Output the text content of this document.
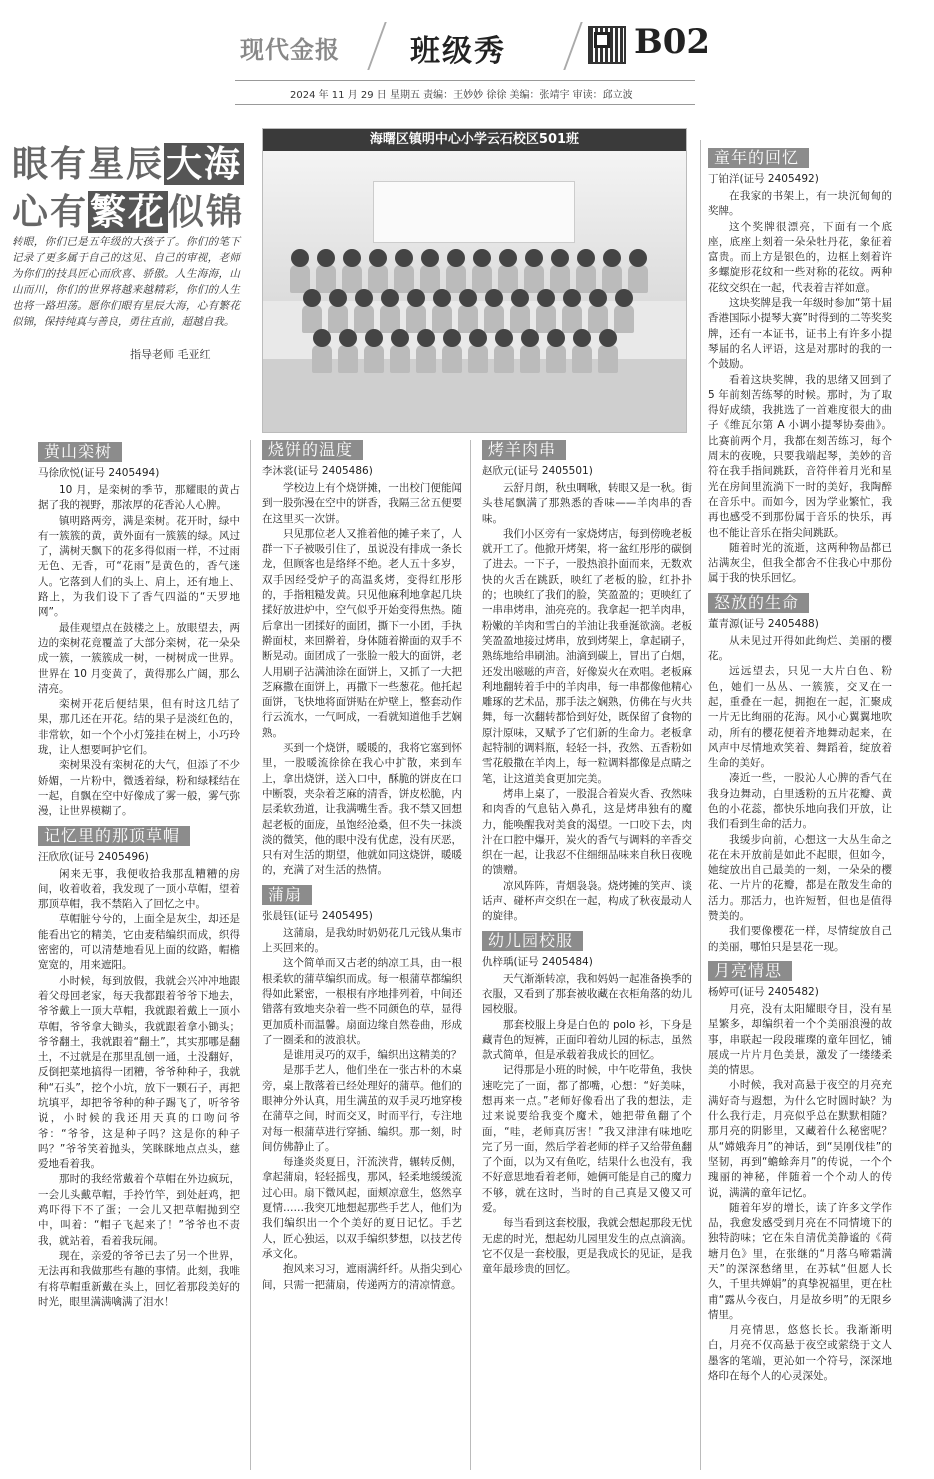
现代金报 班级秀	B02
2024 年 11 月 29 日 星期五 责编：王妙妙 徐徐 美编：张靖宇 审读：邱立波
眼有星辰大海
心有繁花似锦
转眼，你们已是五年级的大孩子了。你们的笔下记录了更多属于自己的这见、自己的审视，老师为你们的技具匠心而欣喜、骄傲。人生海海，山山而川，你们的世界将越来越精彩，你们的人生也将一路坦荡。愿你们眼有星辰大海，心有繁花似锦，保持纯真与善良，勇往直前，超越自我。
指导老师 毛亚红
海曙区镇明中心小学云石校区501班
黄山栾树
马徐欣悦(证号 2405494)

10 月，是栾树的季节，那耀眼的黄占据了我的视野，那浓厚的花香沁人心脾。

镇明路两旁，满是栾树。花开时，绿中有一簇簇的黄，黄外面有一簇簇的绿。风过了，满树天飘下的花多得似雨一样，不过雨无色、无香，可“花雨”是黄色的，香气迷人。它落到人们的头上、肩上，还有地上、路上，为我们设下了香气四溢的“天罗地网”。

最佳观望点在鼓楼之上。放眼望去，两边的栾树花竟覆盖了大部分栾树，花一朵朵成一簇，一簇簇成一树，一树树成一世界。世界在 10 月变黄了，黄得那么广阔，那么清亮。

栾树开花后便结果，但有时这几结了果，那几还在开花。结的果子是淡红色的，非常软，如一个个小灯笼挂在树上，小巧玲珑，让人想要呵护它们。

栾树果没有栾树花的大气，但添了不少娇媚，一片粉中，微透着绿，粉和绿糅结在一起，自飘在空中好像成了雾一般，雾气弥漫，让世界模糊了。

记忆里的那顶草帽
汪欣欣(证号 2405496)

闲来无事，我便收拾我那乱糟糟的房间，收着收着，我发现了一顶小草帽，望着那顶草帽，我不禁陷入了回忆之中。

草帽脏兮兮的，上面全是灰尘，却还是能看出它的精美，它由麦秸编织而成，织得密密的，可以清楚地看见上面的纹路，帽檐宽宽的，用来遮阳。

小时候，每到放假，我就会兴冲冲地跟着父母回老家，每天我都跟着爷爷下地去，爷爷戴上一顶大草帽，我就跟着戴上一顶小草帽，爷爷拿大锄头，我就跟着拿小锄头；爷爷翻土，我就跟着“翻土”，其实那哪是翻土，不过就是在那里乱刨一通，土没翻好，反倒把菜地搞得一团糟，爷爷种种子，我就种“石头”，挖个小坑，放下一颗石子，再把坑填平，却把爷爷种的种子踢飞了，听爷爷说，小时候的我还用天真的口吻问爷爷：“爷爷，这是种子吗？这是你的种子吗？”爷爷笑着抛头，笑眯眯地点点头，慈爱地看着我。

那时的我经常戴着个草帽在外边疯玩，一会儿头戴草帽，手拎竹竿，到处赶鸡，把鸡吓得下不了蛋；一会儿又把草帽抛到空中，叫着：“帽子飞起来了！”爷爷也不责我，就站着，看着我玩闹。

现在，亲爱的爷爷已去了另一个世界，无法再和我做那些有趣的事情。此刻，我唯有将草帽重新戴在头上，回忆着那段美好的时光，眼里满满噙满了泪水！

烧饼的温度
李沐裳(证号 2405486)

学校边上有个烧饼摊，一出校门便能闻到一股弥漫在空中的饼香，我隔三岔五便要在这里买一次饼。

只见那位老人又推着他的摊子来了，人群一下子被吸引住了，虽说没有排成一条长龙，但顾客也是络绎不绝。老人五十多岁，双手因经受炉子的高温炙烤，变得红彤彤的，手指粗糙发黄。只见他麻利地拿起几块揉好放进炉中，空气似乎开始变得焦热。随后拿出一团揉好的面团，撕下一小团，手执擀面杖，来回擀着，身体随着擀面的双手不断晃动。面团成了一张脸一般大的面饼，老人用刷子沾满油涂在面饼上，又抓了一大把芝麻撒在面饼上，再撒下一些葱花。他托起面饼，飞快地将面饼贴在炉壁上，整套动作行云流水，一气呵成，一看就知道他手艺娴熟。

买到一个烧饼，暖暖的，我将它塞到怀里，一股暖流徐徐在我心中扩散，来到车上，拿出烧饼，送入口中，酥脆的饼皮在口中断裂，夹杂着芝麻的清香，饼皮松脆，内层柔软劲道，让我满嘴生香。我不禁又回想起老板的面庞，虽饱经沧桑，但不失一抹淡淡的微笑，他的眼中没有优虑，没有厌恶，只有对生活的期望，他就如同这烧饼，暖暖的，充满了对生活的热情。

蒲扇
张晨钰(证号 2405495)

这蒲扇，是我幼时奶奶花几元钱从集市上买回来的。

这个简单而又古老的纳凉工具，由一根根柔软的蒲草编织而成。每一根蒲草都编织得如此紧密，一根根有序地排列着，中间还错落有致地夹杂着一些不同颜色的草，显得更加质朴而温馨。扇面边缘自然卷曲，形成了一圈柔和的波浪状。

是谁用灵巧的双手，编织出这精美的？

是那手艺人，他们坐在一张古朴的木桌旁，桌上散落着已经处理好的蒲草。他们的眼神分外认真，用生满茧的双手灵巧地穿梭在蒲草之间，时而交叉，时而平行，专注地对每一根蒲草进行穿插、编织。那一刻，时间仿佛静止了。

每逢炎炎夏日，汗流浃背，辗转反侧，拿起蒲扇，轻轻摇曳，那风，轻柔地缓缓流过心田。扇下微风起，面颊凉意生，悠然享夏情……我突兀地想起那些手艺人，他们为我们编织出一个个美好的夏日记忆。手艺人，匠心独运，以双手编织梦想，以技艺传承文化。

抱风来习习，遮雨满纤纤。从指尖到心间，只需一把蒲扇，传递两方的清凉情意。

烤羊肉串
赵欣元(证号 2405501)

云舒月朗，秋虫啁啾，转眼又是一秋。街头巷尾飘满了那熟悉的香味——羊肉串的香味。

我们小区旁有一家烧烤店，每到傍晚老板就开工了。他掀开烤架，将一盆红彤彤的碳倒了进去。一下子，一股热浪扑面而来，无数欢快的火舌在跳跃，映红了老板的脸，红扑扑的；也映红了我们的脸，笑盈盈的；更映红了一串串烤串，油亮亮的。我拿起一把羊肉串，粉嫩的羊肉和雪白的羊油让我垂涎欲滴。老板笑盈盈地接过烤串，放到烤架上，拿起刷子，熟练地给串刷油。油滴到碳上，冒出了白烟，还发出嗞嗞的声音，好像炭火在欢唱。老板麻利地翻转着手中的羊肉串，每一串都像他精心雕琢的艺术品，那手法之娴熟，仿佛在与火共舞，每一次翻转都恰到好处，既保留了食物的原汁原味，又赋予了它们新的生命力。老板拿起特制的调料瓶，轻轻一抖，孜然、五香粉如雪花般撒在羊肉上，每一粒调料都像是点睛之笔，让这道美食更加完美。

烤串上桌了，一股混合着炭火香、孜然味和肉香的气息钻入鼻孔，这是烤串独有的魔力，能唤醒我对美食的渴望。一口咬下去，肉汁在口腔中爆开，炭火的香气与调料的辛香交织在一起，让我忍不住细细品味来自秋日夜晚的馈赠。

凉风阵阵，青烟袅袅。烧烤摊的笑声、谈话声、碰杯声交织在一起，构成了秋夜最动人的旋律。

幼儿园校服
仇梓瑀(证号 2405484)

天气渐渐转凉，我和妈妈一起准备换季的衣服，又看到了那套被收藏在衣柜角落的幼儿园校服。

那套校服上身是白色的 polo 衫，下身是藏青色的短裤，正面印着幼儿园的标志，虽然款式简单，但是承载着我成长的回忆。

记得那是小班的时候，中午吃带鱼，我快速吃完了一面，都了都嘴，心想：“好美味，想再来一点。”老师好像看出了我的想法，走过来说要给我变个魔术，她把带鱼翻了个面，“哇，老师真厉害！”我又津津有味地吃完了另一面，然后学着老师的样子又给带鱼翻了个面，以为又有鱼吃，结果什么也没有，我不好意思地看着老师，她俩可能是自己的魔力不够，就在这时，当时的自己真是又傻又可爱。

每当看到这套校服，我就会想起那段无忧无虑的时光，想起幼儿园里发生的点点滴滴。它不仅是一套校服，更是我成长的见证，是我童年最珍贵的回忆。

童年的回忆
丁铂洋(证号 2405492)

在我家的书架上，有一块沉甸甸的奖牌。

这个奖牌很漂亮，下面有一个底座，底座上刻着一朵朵牡丹花，象征着富贵。而上方是银色的，边框上刻着许多螺旋形花纹和一些对称的花纹。两种花纹交织在一起，代表着吉祥如意。

这块奖牌是我一年级时参加“第十届香港国际小提琴大赛”时得到的二等奖奖牌，还有一本证书，证书上有许多小提琴届的名人评语，这是对那时的我的一个鼓励。

看着这块奖牌，我的思绪又回到了 5 年前刻苦练琴的时候。那时，为了取得好成绩，我挑选了一首难度很大的曲子《维瓦尔第 A 小调小提琴协奏曲》。比赛前两个月，我都在刻苦练习，每个周末的夜晚，只要我端起琴，美妙的音符在我手指间跳跃，音符伴着月光和星光在房间里流淌下一时的美好，我陶醉在音乐中。而如今，因为学业繁忙，我再也感受不到那份属于音乐的快乐，再也不能让音乐在指尖间跳跃。

随着时光的流逝，这两种物品都已沾满灰尘，但我全都舍不住我心中那份属于我的快乐回忆。

怒放的生命
董青源(证号 2405488)

从未见过开得如此绚烂、美丽的樱花。

远远望去，只见一大片白色、粉色，她们一丛丛、一簇簇，交叉在一起，重叠在一起，拥抱在一起，汇聚成一片无比绚丽的花海。风小心翼翼地吹动，所有的樱花便着齐地舞动起来，在风声中尽情地欢笑着、舞蹈着，绽放着生命的美好。

凑近一些，一股沁人心脾的香气在我身边舞动，白里透粉的五片花瓣、黄色的小花蕊，都快乐地向我们开放，让我们看到生命的活力。

我缓步向前，心想这一大丛生命之花在未开放前是如此不起眼，但如今，她绽放出自己最美的一刻，一朵朵的樱花、一片片的花瓣，都是在散发生命的活力。那活力，也许短暂，但也是值得赞美的。

我们要像樱花一样，尽情绽放自己的美丽，哪怕只是昙花一现。

月亮情思
杨婷可(证号 2405482)

月亮，没有太阳耀眼夺目，没有星星繁多，却编织着一个个美丽浪漫的故事，串联起一段段璀璨的童年回忆，铺展成一片片月色美景，激发了一缕缕柔美的情思。

小时候，我对高悬于夜空的月亮充满好奇与遐想，为什么它时圆时缺？为什么我行走，月亮似乎总在默默相随？那月亮的阴影里，又藏着什么秘密呢？从“嫦娥奔月”的神话，到“吴刚伐桂”的坚韧，再到“蟾蜍奔月”的传说，一个个瑰丽的神秘，伴随着一个个动人的传说，满满的童年记忆。

随着年岁的增长，读了许多文学作品，我愈发感受到月亮在不同情境下的独特韵味；它在朱自清优美静谧的《荷塘月色》里，在张继的“月落乌啼霜满天”的深深愁绪里，在苏轼“但愿人长久，千里共婵娟”的真挚祝福里，更在杜甫“露从今夜白，月是故乡明”的无限乡情里。

月亮情思，悠悠长长。我渐渐明白，月亮不仅高悬于夜空或萦绕于文人墨客的笔端，更沁如一个符号，深深地烙印在每个人的心灵深处。
